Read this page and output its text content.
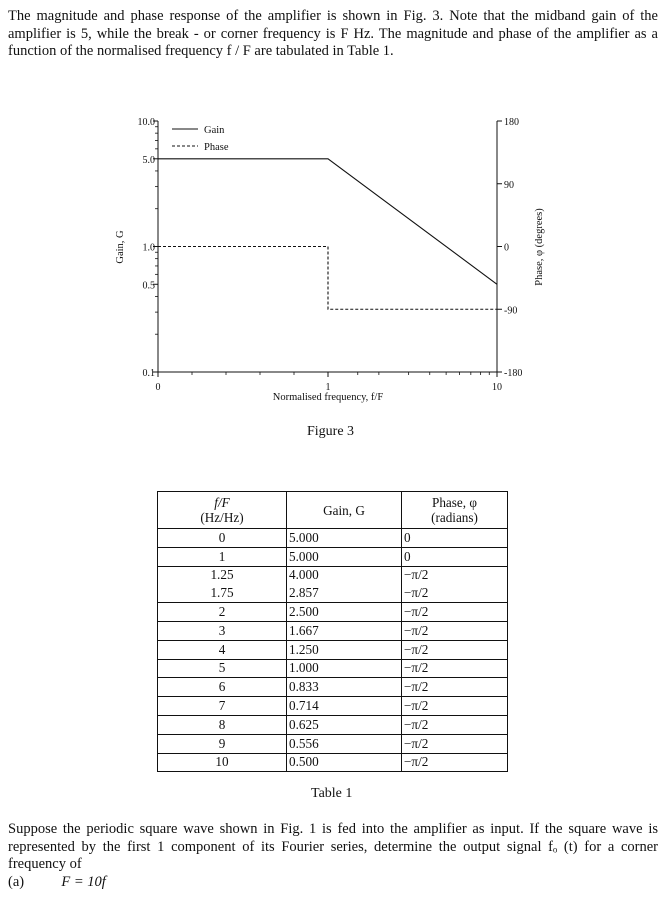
The magnitude and phase response of the amplifier is shown in Fig. 3. Note that the midband gain of the amplifier is 5, while the break - or corner frequency is F Hz. The magnitude and phase of the amplifier as a function of the normalised frequency f / F are tabulated in Table 1.
10.0
5.0
1.0
0.5
0.1
180
90
0
-90
-180
0	1	10
Normalised frequency, f/F
Gain, G	Phase, φ (degrees)
Gain
Phase
Figure 3
f/F
(Hz/Hz)	Gain, G	Phase, φ
(radians)
0	5.000	0
1	5.000	0
1.25	4.000	−π/2
1.75	2.857	−π/2
2	2.500	−π/2
3	1.667	−π/2
4	1.250	−π/2
5	1.000	−π/2
6	0.833	−π/2
7	0.714	−π/2
8	0.625	−π/2
9	0.556	−π/2
10	0.500	−π/2
Table 1
Suppose the periodic square wave shown in Fig. 1 is fed into the amplifier as input. If the square wave is represented by the first 1 component of its Fourier series, determine the output signal fₒ (t) for a corner frequency of
(a)	F = 10f
